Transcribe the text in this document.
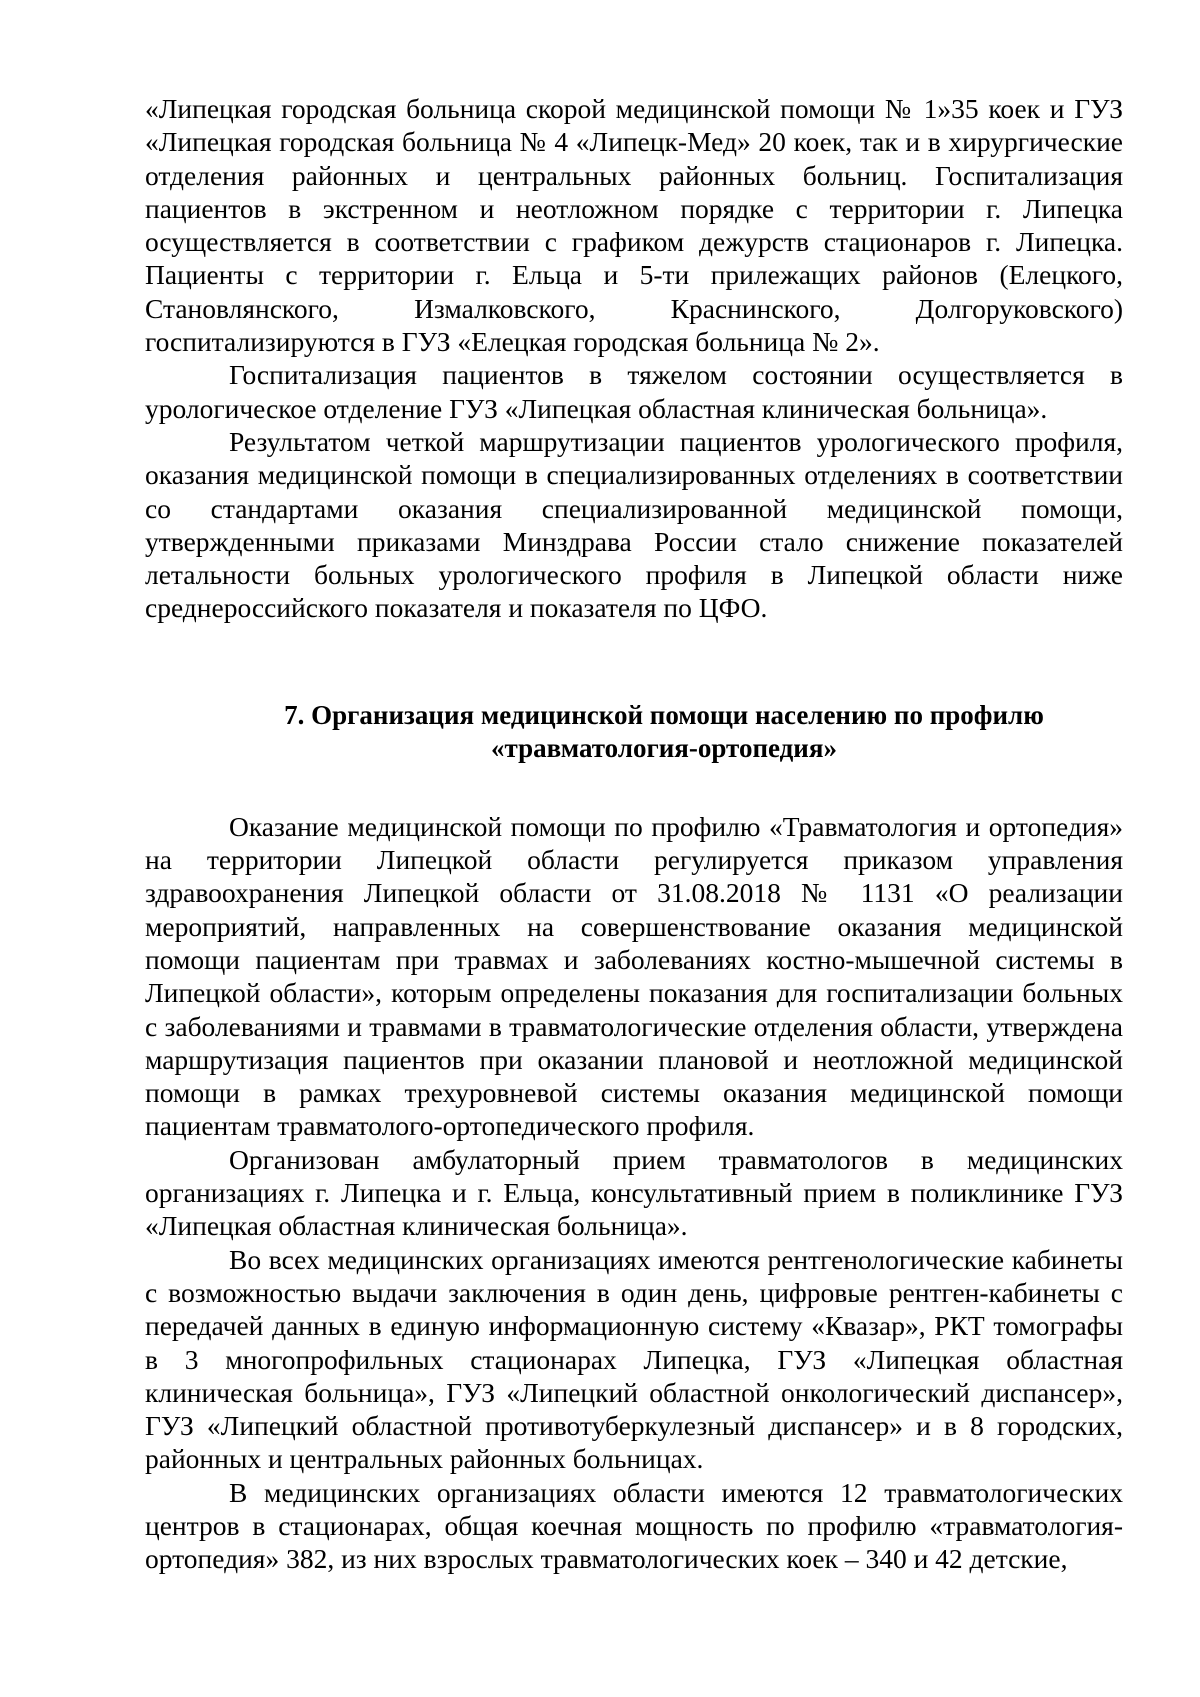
«Липецкая городская больница скорой медицинской помощи № 1»35 коек и ГУЗ «Липецкая городская больница № 4 «Липецк-Мед» 20 коек, так и в хирургические отделения районных и центральных районных больниц. Госпитализация пациентов в экстренном и неотложном порядке с территории г. Липецка осуществляется в соответствии с графиком дежурств стационаров г. Липецка. Пациенты с территории г. Ельца и 5-ти прилежащих районов (Елецкого, Становлянского, Измалковского, Краснинского, Долгоруковского) госпитализируются в ГУЗ «Елецкая городская больница № 2».

Госпитализация пациентов в тяжелом состоянии осуществляется в урологическое отделение ГУЗ «Липецкая областная клиническая больница».

Результатом четкой маршрутизации пациентов урологического профиля, оказания медицинской помощи в специализированных отделениях в соответствии со стандартами оказания специализированной медицинской помощи, утвержденными приказами Минздрава России стало снижение показателей летальности больных урологического профиля в Липецкой области ниже среднероссийского показателя и показателя по ЦФО.

7. Организация медицинской помощи населению по профилю
«травматология-ортопедия»

Оказание медицинской помощи по профилю «Травматология и ортопедия» на территории Липецкой области регулируется приказом управления здравоохранения Липецкой области от 31.08.2018 № 1131 «О реализации мероприятий, направленных на совершенствование оказания медицинской помощи пациентам при травмах и заболеваниях костно-мышечной системы в Липецкой области», которым определены показания для госпитализации больных с заболеваниями и травмами в травматологические отделения области, утверждена маршрутизация пациентов при оказании плановой и неотложной медицинской помощи в рамках трехуровневой системы оказания медицинской помощи пациентам травматолого-ортопедического профиля.

Организован амбулаторный прием травматологов в медицинских организациях г. Липецка и г. Ельца, консультативный прием в поликлинике ГУЗ «Липецкая областная клиническая больница».

Во всех медицинских организациях имеются рентгенологические кабинеты с возможностью выдачи заключения в один день, цифровые рентген-кабинеты с передачей данных в единую информационную систему «Квазар», РКТ томографы в 3 многопрофильных стационарах Липецка, ГУЗ «Липецкая областная клиническая больница», ГУЗ «Липецкий областной онкологический диспансер», ГУЗ «Липецкий областной противотуберкулезный диспансер» и в 8 городских, районных и центральных районных больницах.

В медицинских организациях области имеются 12 травматологических центров в стационарах, общая коечная мощность по профилю «травматология-ортопедия» 382, из них взрослых травматологических коек – 340 и 42 детские,
